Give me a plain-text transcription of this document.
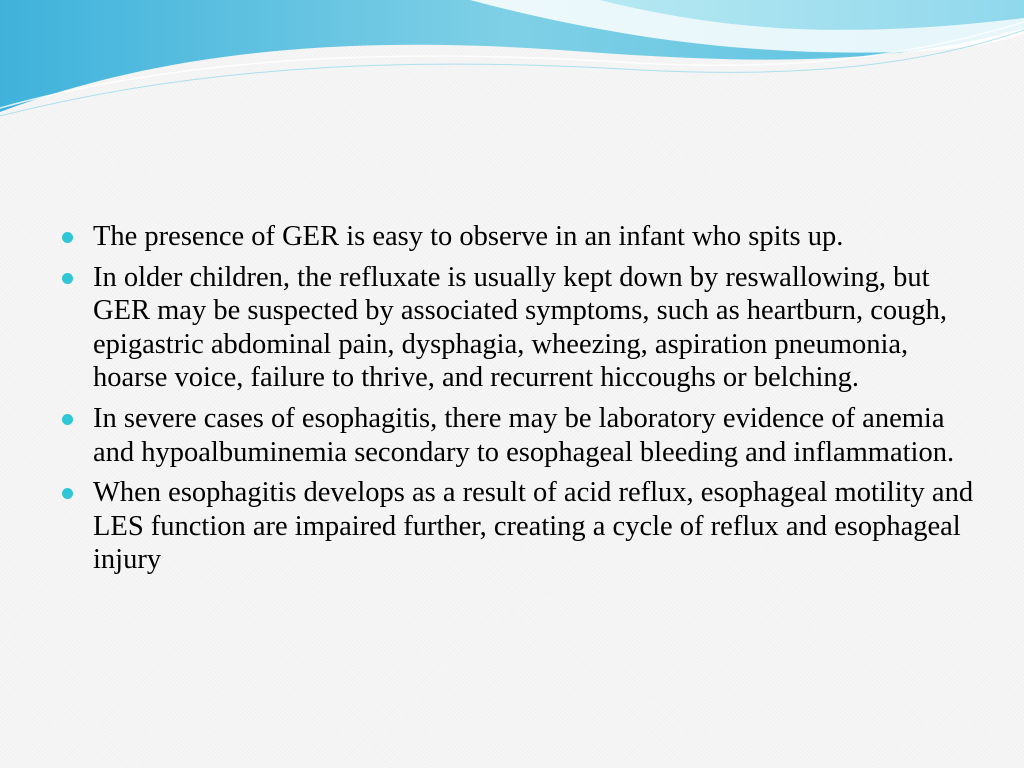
The presence of GER is easy to observe in an infant who spits up.
In older children, the refluxate is usually kept down by reswallowing, but GER may be suspected by associated symptoms, such as heartburn, cough, epigastric abdominal pain, dysphagia, wheezing, aspiration pneumonia, hoarse voice, failure to thrive, and recurrent hiccoughs or belching.
In severe cases of esophagitis, there may be laboratory evidence of anemia and hypoalbuminemia secondary to esophageal bleeding and inflammation.
When esophagitis develops as a result of acid reflux, esophageal motility and LES function are impaired further, creating a cycle of reflux and esophageal injury
